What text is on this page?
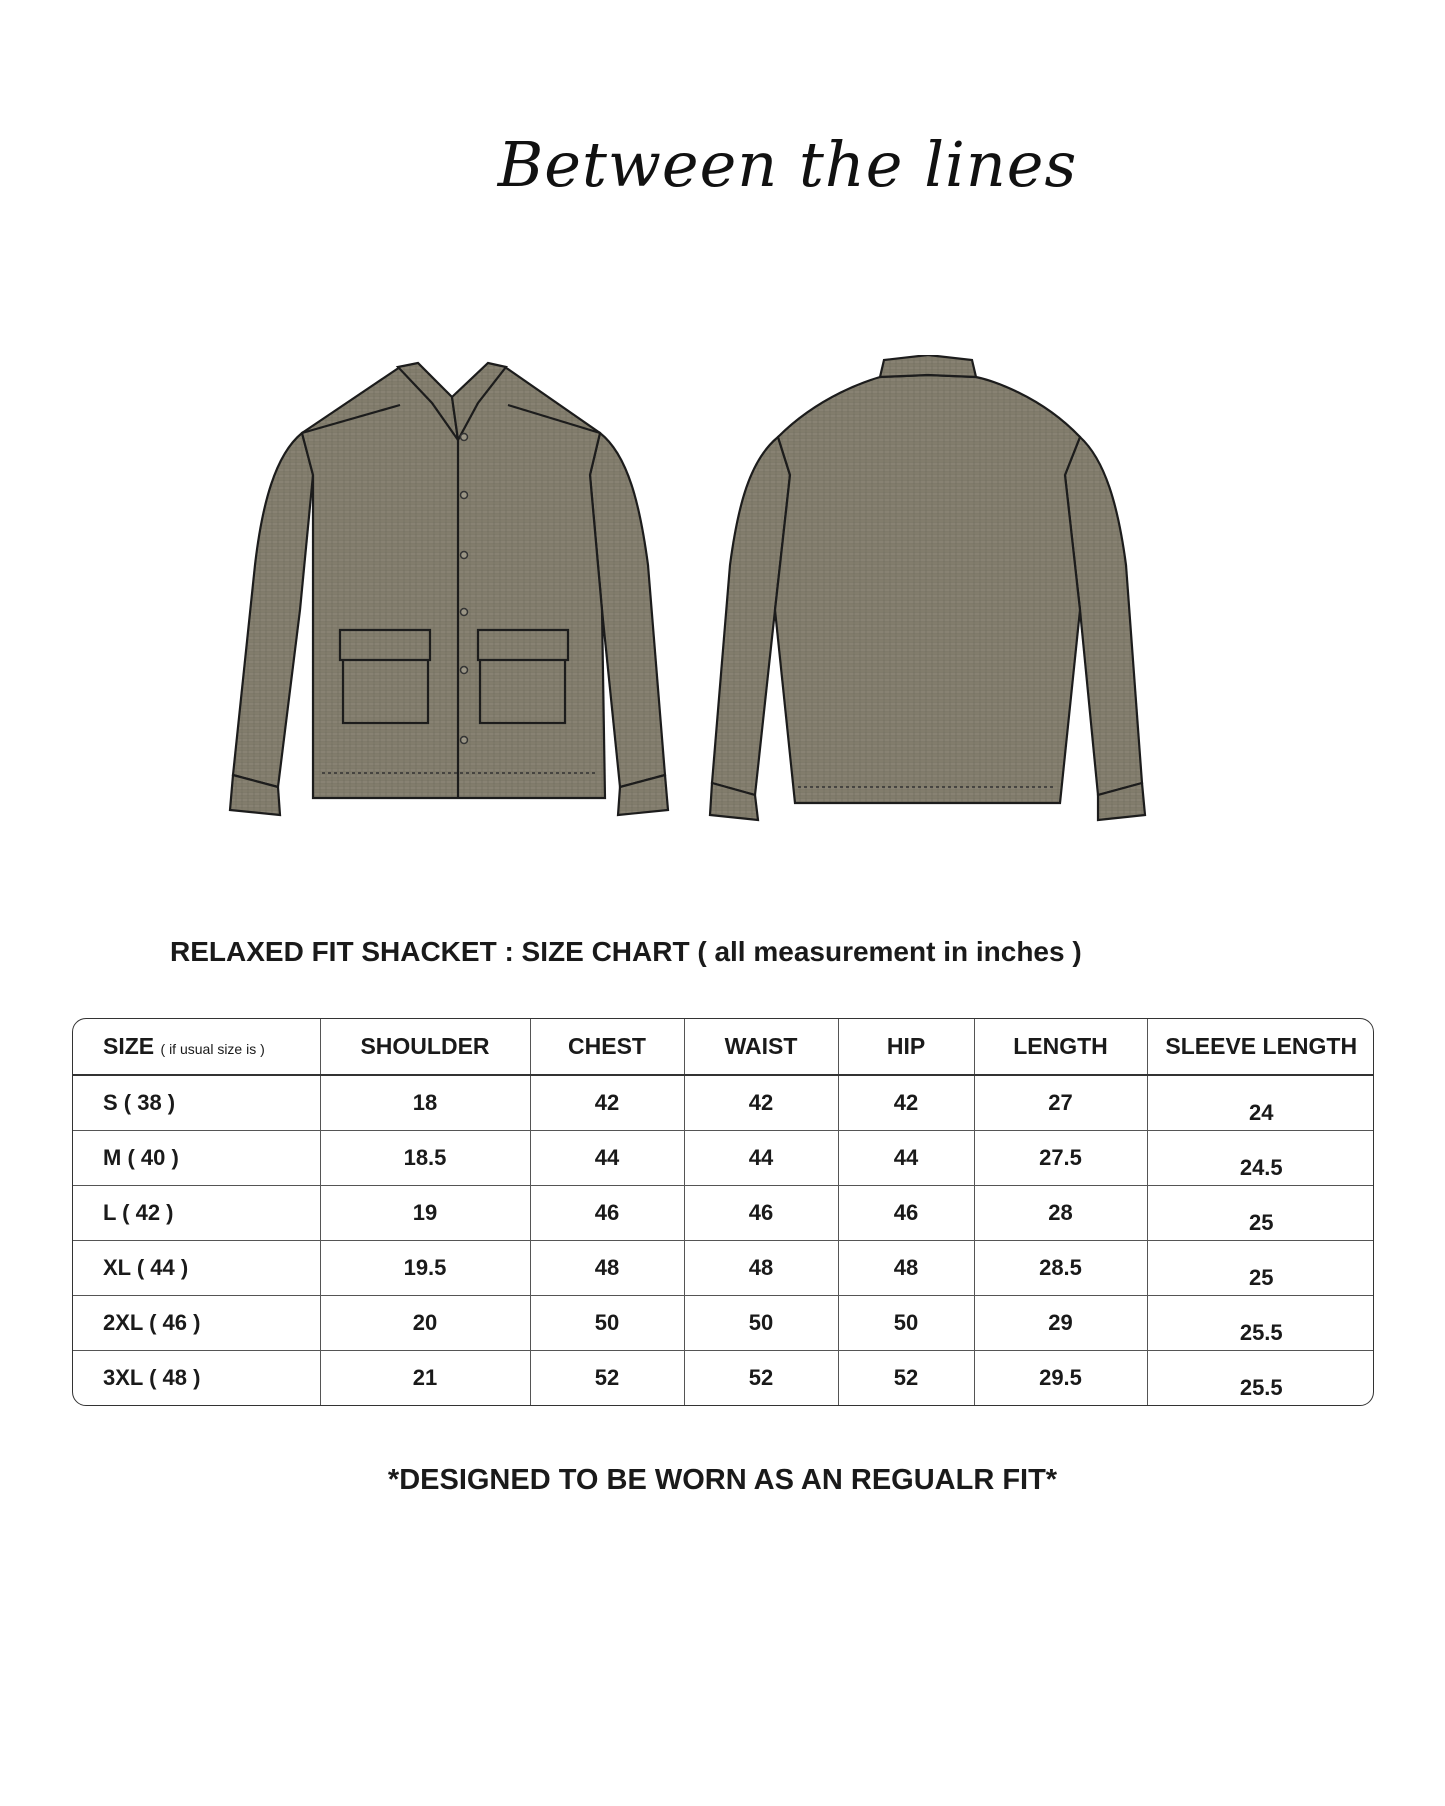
Between the lines
RELAXED FIT SHACKET : SIZE CHART ( all measurement in inches )
SIZE ( if usual size is )	SHOULDER	CHEST	WAIST	HIP	LENGTH	SLEEVE LENGTH
S ( 38 )	18	42	42	42	27	24
M ( 40 )	18.5	44	44	44	27.5	24.5
L ( 42 )	19	46	46	46	28	25
XL ( 44 )	19.5	48	48	48	28.5	25
2XL ( 46 )	20	50	50	50	29	25.5
3XL ( 48 )	21	52	52	52	29.5	25.5
*DESIGNED TO BE WORN AS AN REGUALR FIT*
